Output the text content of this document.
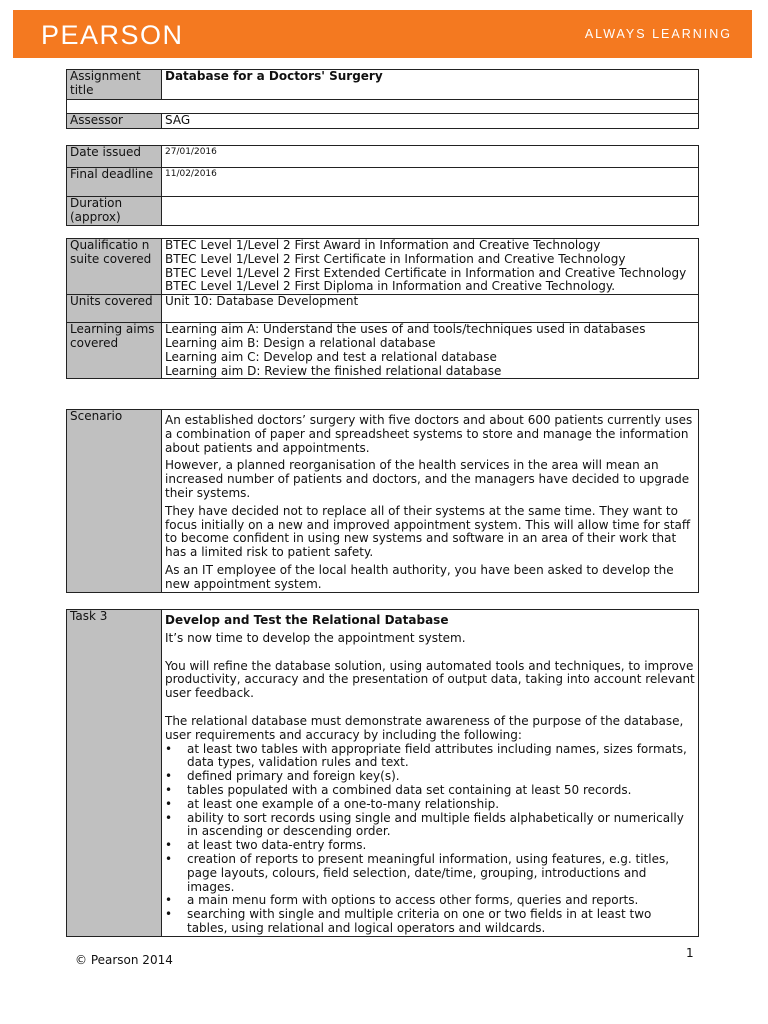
PEARSON	ALWAYS LEARNING
Assignment title	Database for a Doctors' Surgery

Assessor	SAG
Date issued	27/01/2016
Final deadline	11/02/2016
Duration (approx)	
Qualificatio n suite covered	BTEC Level 1/Level 2 First Award in Information and Creative Technology
BTEC Level 1/Level 2 First Certificate in Information and Creative Technology
BTEC Level 1/Level 2 First Extended Certificate in Information and Creative Technology
BTEC Level 1/Level 2 First Diploma in Information and Creative Technology.

Units covered	Unit 10: Database Development
Learning aims covered	Learning aim A: Understand the uses of and tools/techniques used in databases
Learning aim B: Design a relational database
Learning aim C: Develop and test a relational database
Learning aim D: Review the finished relational database
Scenario	An established doctors’ surgery with five doctors and about 600 patients currently uses a combination of paper and spreadsheet systems to store and manage the information about patients and appointments.

However, a planned reorganisation of the health services in the area will mean an increased number of patients and doctors, and the managers have decided to upgrade their systems.

They have decided not to replace all of their systems at the same time. They want to focus initially on a new and improved appointment system. This will allow time for staff to become confident in using new systems and software in an area of their work that has a limited risk to patient safety.

As an IT employee of the local health authority, you have been asked to develop the new appointment system.

Task 3	Develop and Test the Relational Database

It’s now time to develop the appointment system.

You will refine the database solution, using automated tools and techniques, to improve productivity, accuracy and the presentation of output data, taking into account relevant user feedback.

The relational database must demonstrate awareness of the purpose of the database, user requirements and accuracy by including the following:

• at least two tables with appropriate field attributes including names, sizes formats, data types, validation rules and text.
• defined primary and foreign key(s).
• tables populated with a combined data set containing at least 50 records.
• at least one example of a one-to-many relationship.
• ability to sort records using single and multiple fields alphabetically or numerically in ascending or descending order.
• at least two data-entry forms.
• creation of reports to present meaningful information, using features, e.g. titles, page layouts, colours, field selection, date/time, grouping, introductions and images.
• a main menu form with options to access other forms, queries and reports.
• searching with single and multiple criteria on one or two fields in at least two tables, using relational and logical operators and wildcards.
© Pearson 2014	1
